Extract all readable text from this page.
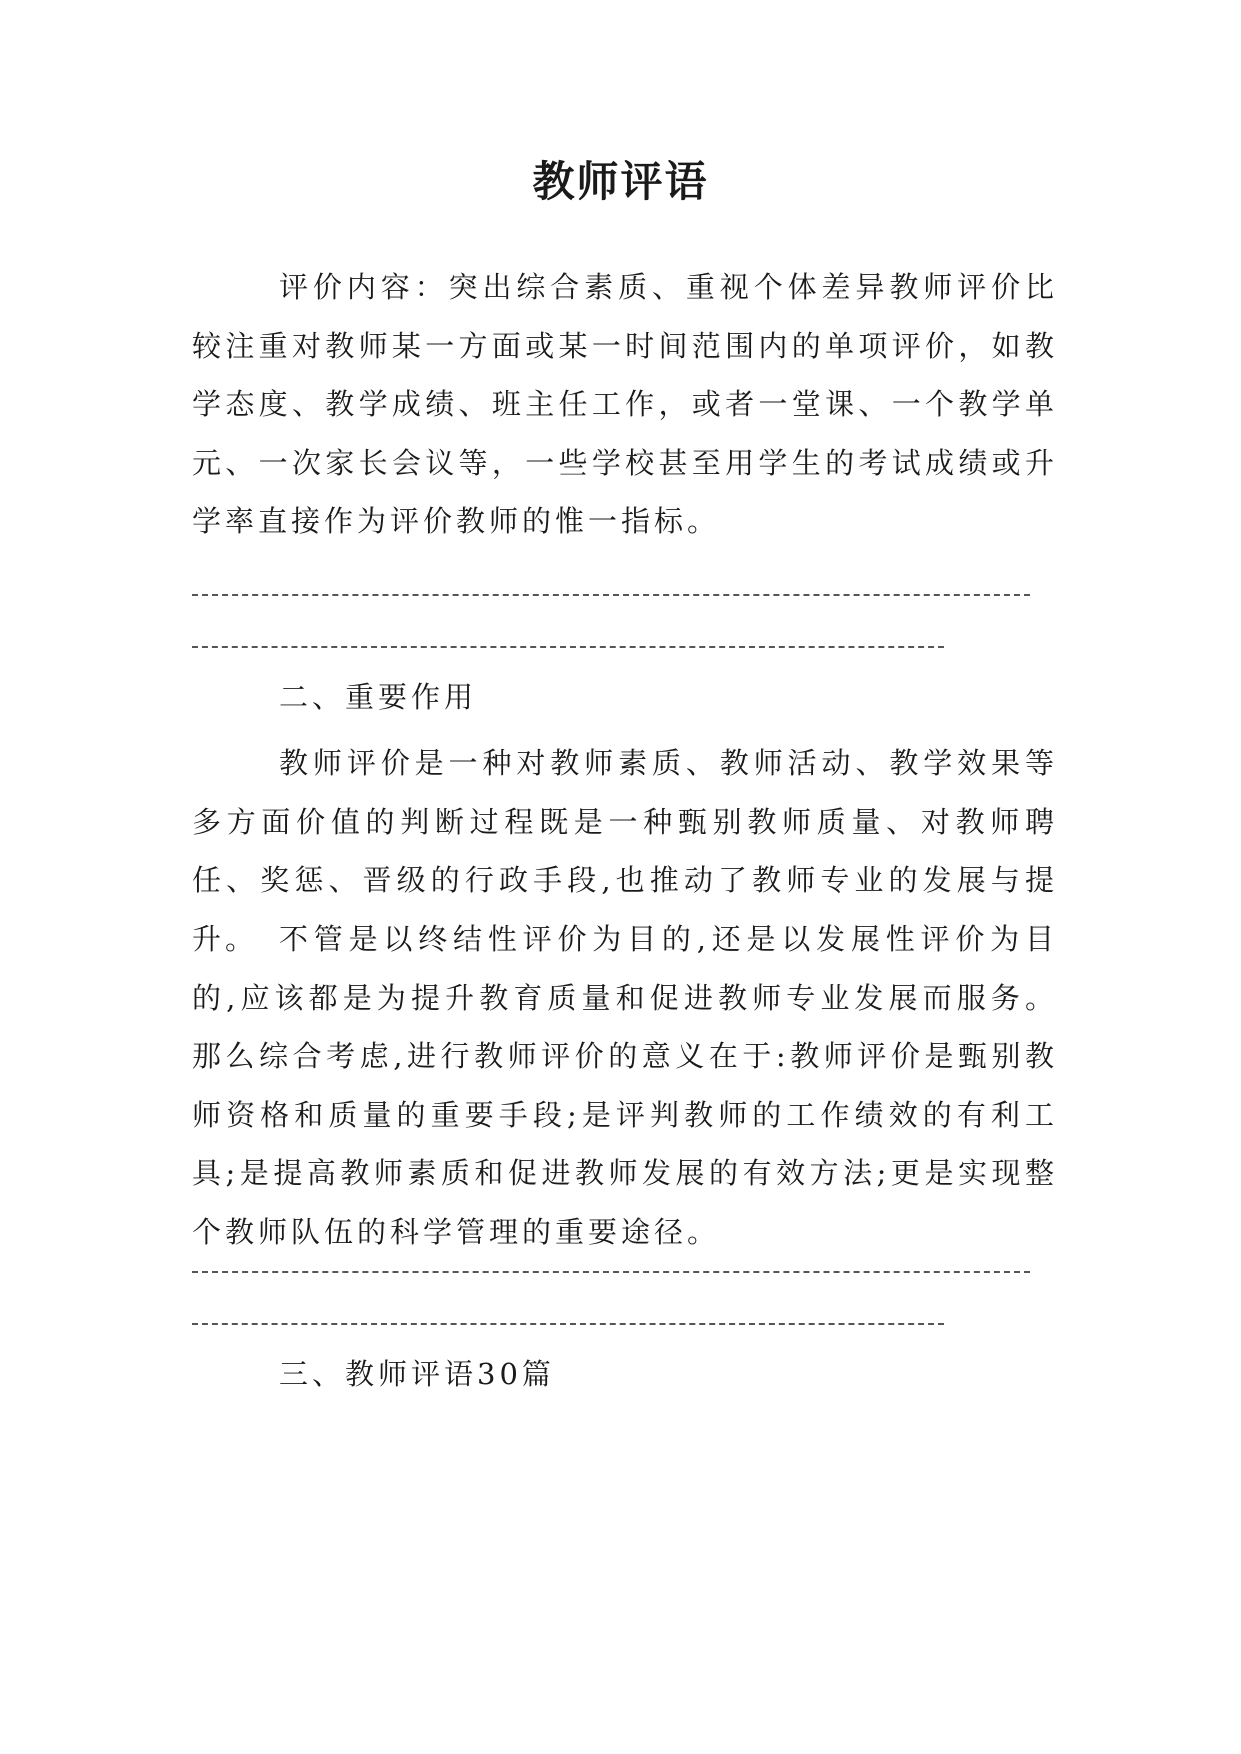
教师评语

评价内容：突出综合素质、重视个体差异教师评价比较注重对教师某一方面或某一时间范围内的单项评价，如教学态度、教学成绩、班主任工作，或者一堂课、一个教学单元、一次家长会议等，一些学校甚至用学生的考试成绩或升学率直接作为评价教师的惟一指标。

二、重要作用

教师评价是一种对教师素质、教师活动、教学效果等多方面价值的判断过程既是一种甄别教师质量、对教师聘任、奖惩、晋级的行政手段,也推动了教师专业的发展与提升。 不管是以终结性评价为目的,还是以发展性评价为目的,应该都是为提升教育质量和促进教师专业发展而服务。那么综合考虑,进行教师评价的意义在于:教师评价是甄别教师资格和质量的重要手段;是评判教师的工作绩效的有利工具;是提高教师素质和促进教师发展的有效方法;更是实现整个教师队伍的科学管理的重要途径。

三、教师评语30篇
